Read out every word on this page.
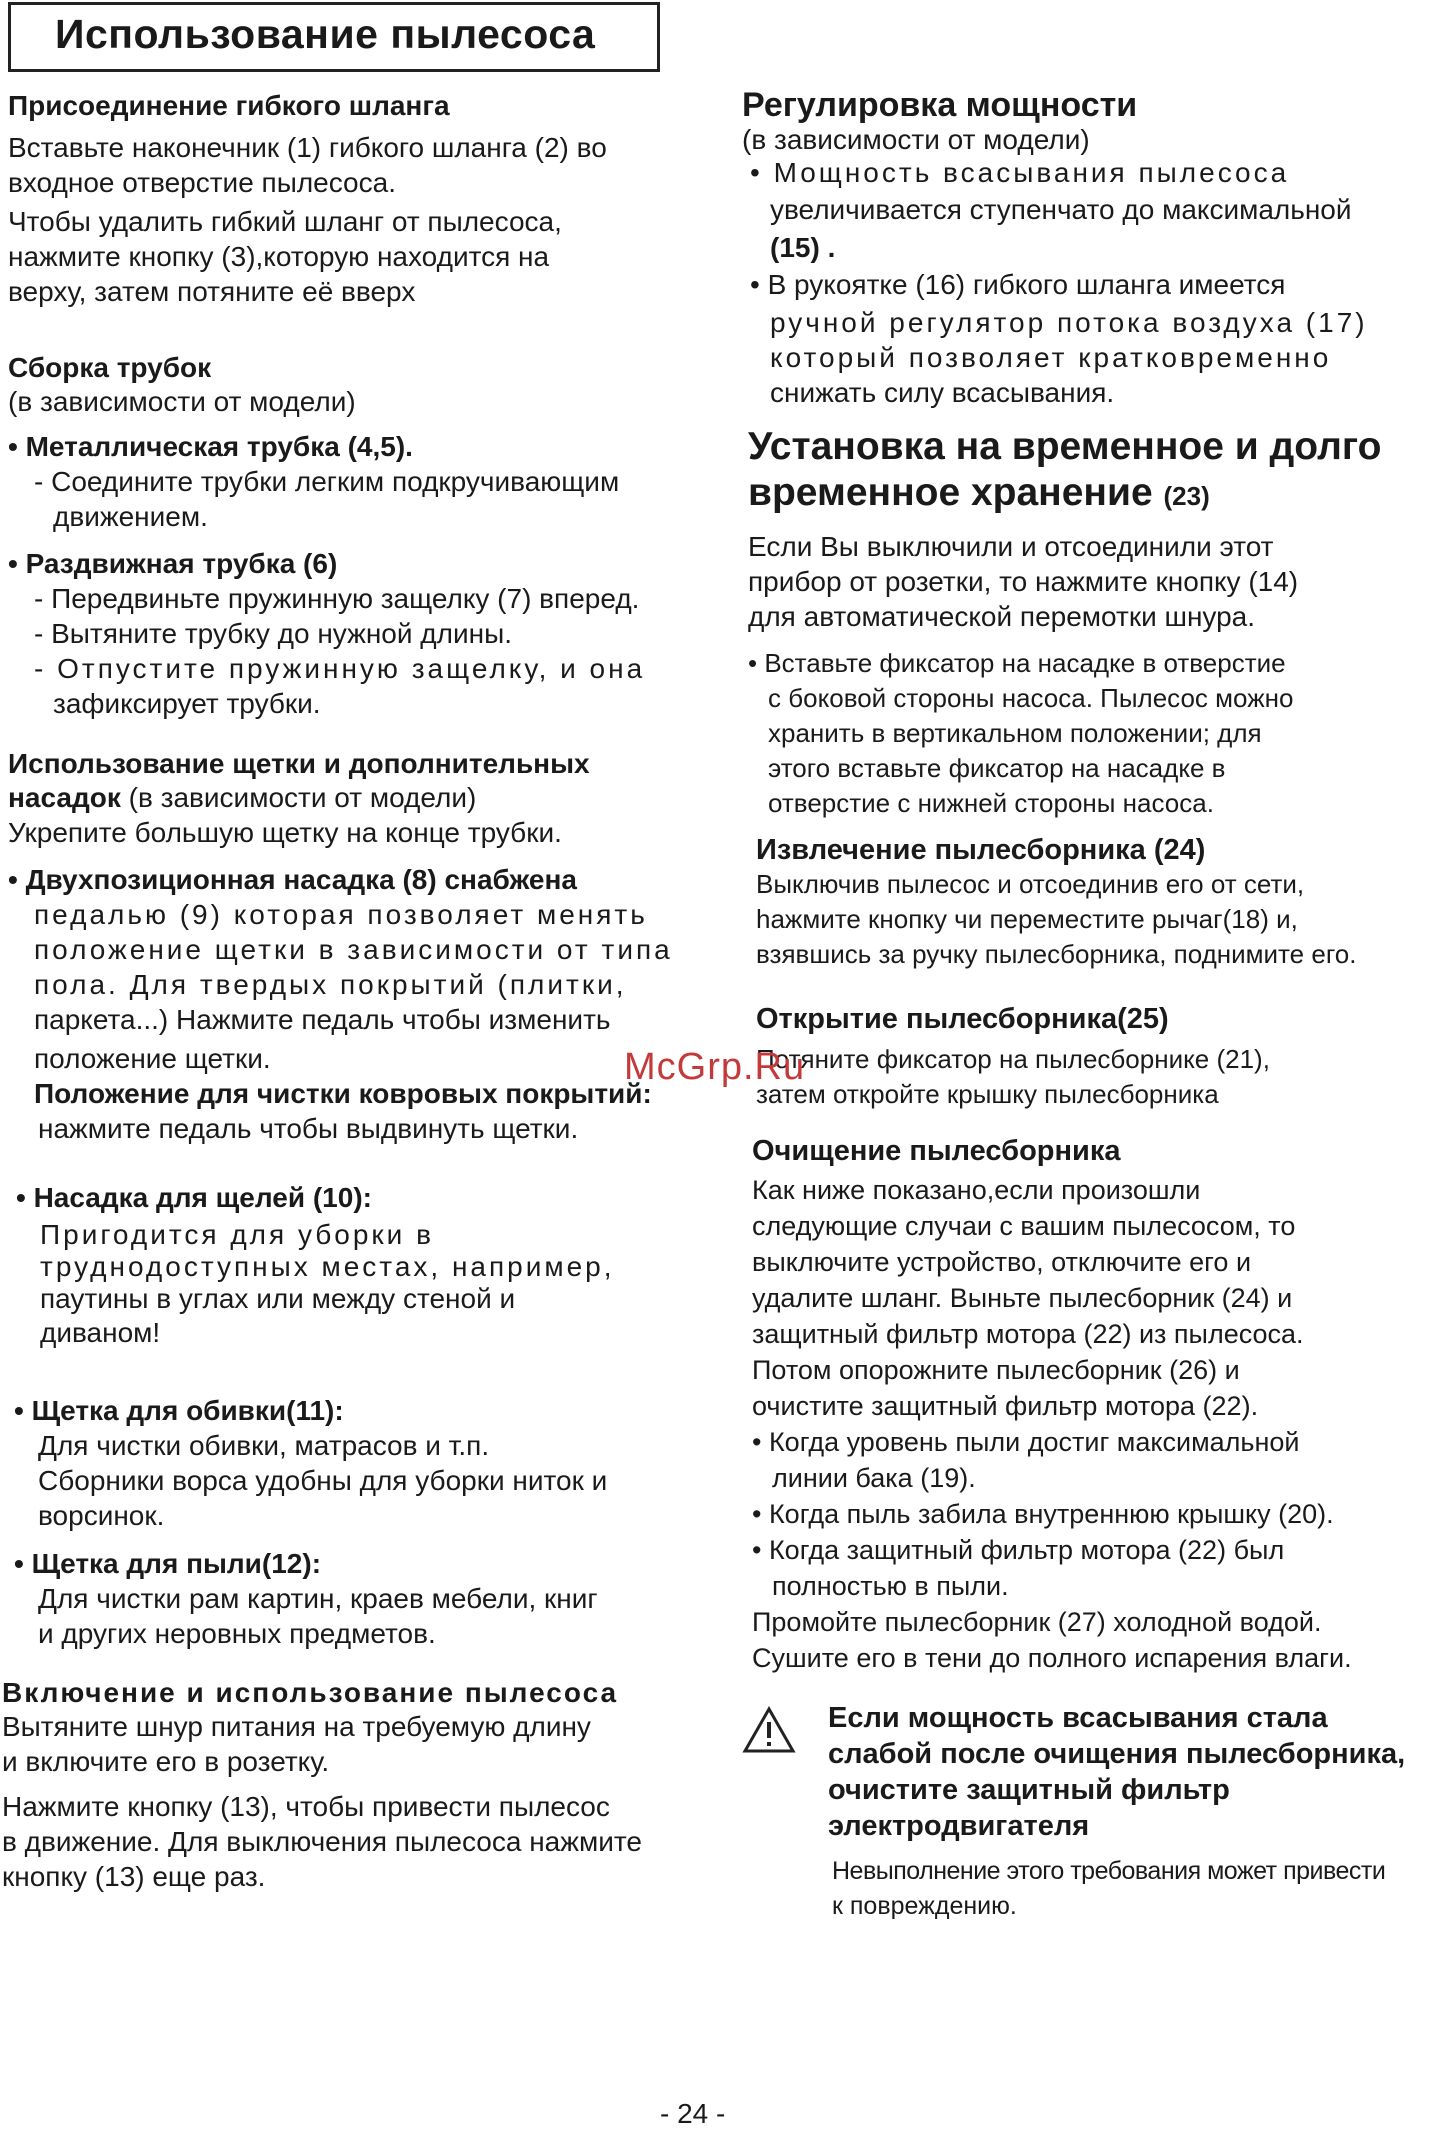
Использование пылесоса
Присоединение гибкого шланга
Вставьте наконечник (1) гибкого шланга (2) во
входное отверстие пылесоса.
Чтобы удалить гибкий шланг от пылесоса,
нажмите кнопку (3),которую находится на
верху, затем потяните её вверх
Сборка трубок
(в зависимости от модели)
• Металлическая трубка (4,5).
- Соедините трубки легким подкручивающим
движением.
• Раздвижная трубка (6)
- Передвиньте пружинную защелку (7) вперед.
- Вытяните трубку до нужной длины.
- Отпустите пружинную защелку, и она
зафиксирует трубки.
Использование щетки и дополнительных
насадок (в зависимости от модели)
Укрепите большую щетку на конце трубки.
• Двухпозиционная насадка (8) снабжена
педалью (9) которая позволяет менять
положение щетки в зависимости от типа
пола. Для твердых покрытий (плитки,
паркета...) Нажмите педаль чтобы изменить
положение щетки.
Положение для чистки ковровых покрытий:
нажмите педаль чтобы выдвинуть щетки.
• Насадка для щелей (10):
Пригодится для уборки в
труднодоступных местах, например,
паутины в углах или между стеной и
диваном!
• Щетка для обивки(11):
Для чистки обивки, матрасов и т.п.
Сборники ворса удобны для уборки ниток и
ворсинок.
• Щетка для пыли(12):
Для чистки рам картин, краев мебели, книг
и других неровных предметов.
Включение и использование пылесоса
Вытяните шнур питания на требуемую длину
и включите его в розетку.
Нажмите кнопку (13), чтобы привести пылесос
в движение. Для выключения пылесоса нажмите
кнопку (13) еще раз.
Регулировка мощности
(в зависимости от модели)
• Мощность всасывания пылесоса
увеличивается ступенчато до максимальной
(15) .
• В рукоятке (16) гибкого шланга имеется
ручной регулятор потока воздуха (17)
который позволяет кратковременно
снижать силу всасывания.
Установка на временное и долго
временное хранение (23)
Если Вы выключили и отсоединили этот
прибор от розетки, то нажмите кнопку (14)
для автоматической перемотки шнура.
• Вставьте фиксатор на насадке в отверстие
с боковой стороны насоса. Пылесос можно
хранить в вертикальном положении; для
этого вставьте фиксатор на насадке в
отверстие с нижней стороны насоса.
Извлечение пылесборника (24)
Выключив пылесос и отсоединив его от сети,
hажмите кнопку чи переместите рычаг(18) и,
взявшись за ручку пылесборника, поднимите его.
Открытие пылесборника(25)
Потяните фиксатор на пылесборнике (21),
затем откройте крышку пылесборника
Очищение пылесборника
Как ниже показано,если произошли
следующие случаи с вашим пылесосом, то
выключите устройство, отключите его и
удалите шланг. Выньте пылесборник (24) и
защитный фильтр мотора (22) из пылесоса.
Потом опорожните пылесборник (26) и
очистите защитный фильтр мотора (22).
• Когда уровень пыли достиг максимальной
линии бака (19).
• Когда пыль забила внутреннюю крышку (20).
• Когда защитный фильтр мотора (22) был
полностью в пыли.
Промойте пылесборник (27) холодной водой.
Сушите его в тени до полного испарения влаги.
Если мощность всасывания стала
слабой после очищения пылесборника,
очистите защитный фильтр
электродвигателя
Невыполнение этого требования может привести
к повреждению.
McGrp.Ru
- 24 -
